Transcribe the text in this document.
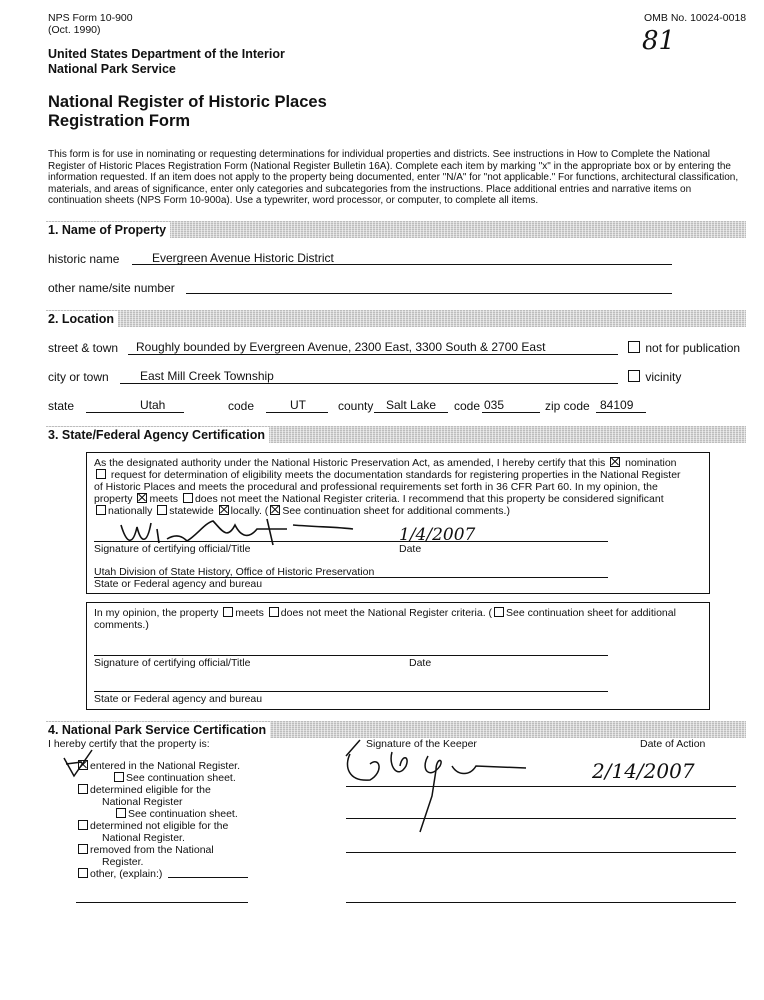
NPS Form 10-900
(Oct. 1990)
OMB No. 10024-0018
81
United States Department of the Interior
National Park Service
National Register of Historic Places
Registration Form
This form is for use in nominating or requesting determinations for individual properties and districts. See instructions in How to Complete the National
Register of Historic Places Registration Form (National Register Bulletin 16A). Complete each item by marking "x" in the appropriate box or by entering the
information requested. If an item does not apply to the property being documented, enter "N/A" for "not applicable." For functions, architectural classification,
materials, and areas of significance, enter only categories and subcategories from the instructions. Place additional entries and narrative items on
continuation sheets (NPS Form 10-900a). Use a typewriter, word processor, or computer, to complete all items.
1. Name of Property
historic name	Evergreen Avenue Historic District
other name/site number
2. Location
street & town Roughly bounded by Evergreen Avenue, 2300 East, 3300 South & 2700 East	not for publication
city or town	East Mill Creek Township	vicinity
state	Utah	code	UT	county Salt Lake code 035	zip code 84109
3. State/Federal Agency Certification
As the designated authority under the National Historic Preservation Act, as amended, I hereby certify that this nomination
request for determination of eligibility meets the documentation standards for registering properties in the National Register
of Historic Places and meets the procedural and professional requirements set forth in 36 CFR Part 60. In my opinion, the
property meets does not meet the National Register criteria. I recommend that this property be considered significant
nationally statewide locally. ( See continuation sheet for additional comments.)
1/4/2007
Signature of certifying official/Title	Date
Utah Division of State History, Office of Historic Preservation
State or Federal agency and bureau
In my opinion, the property meets does not meet the National Register criteria. ( See continuation sheet for additional
comments.)
Signature of certifying official/Title	Date
State or Federal agency and bureau
4. National Park Service Certification
I hereby certify that the property is:	Signature of the Keeper	Date of Action
2/14/2007
entered in the National Register.
See continuation sheet.
determined eligible for the
National Register
See continuation sheet.
determined not eligible for the
National Register.
removed from the National
Register.
other, (explain:)
